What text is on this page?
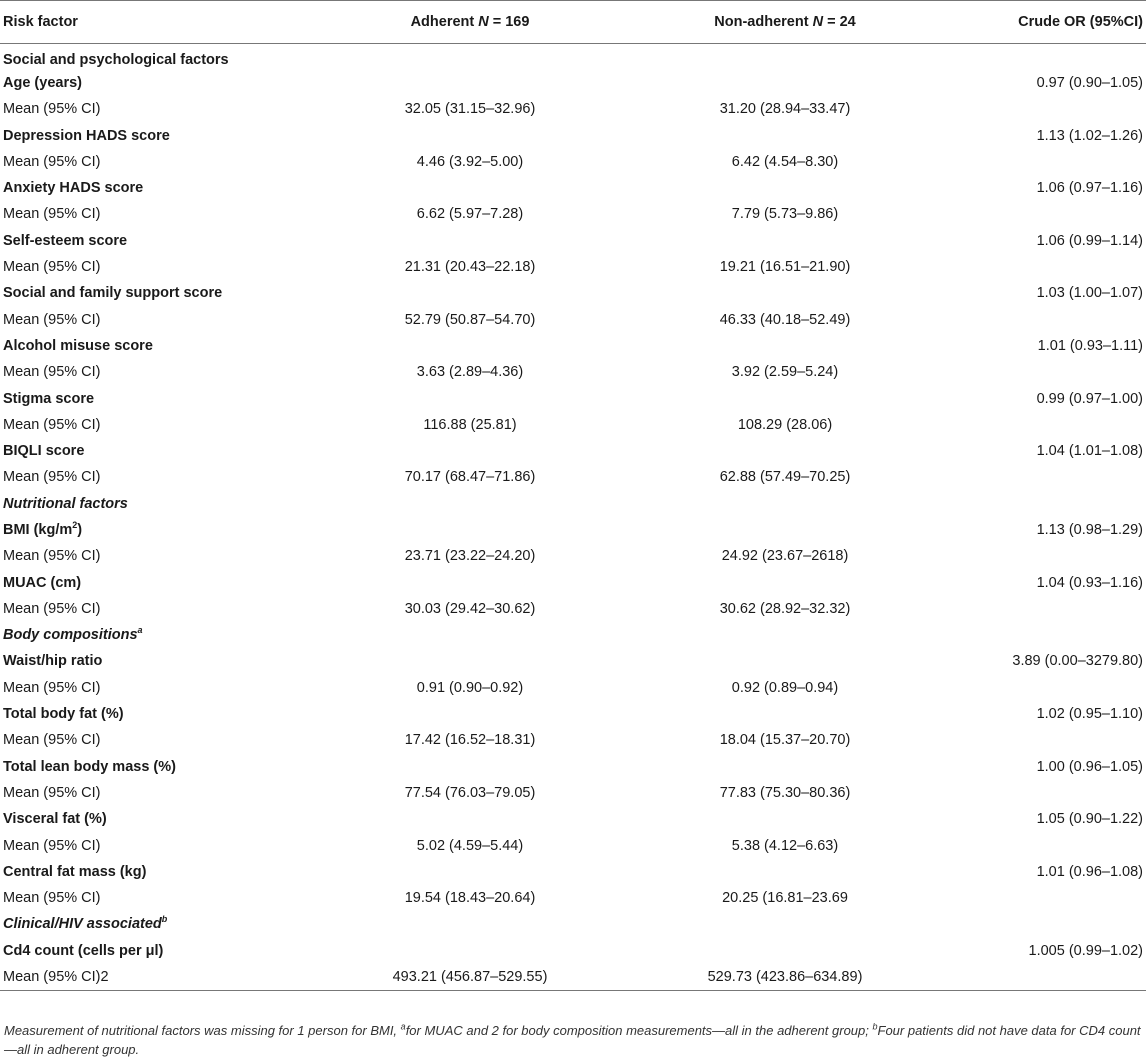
Risk factor	Adherent N = 169	Non-adherent N = 24	Crude OR (95%CI)
Social and psychological factors			
Age (years)			0.97 (0.90–1.05)
Mean (95% CI)	32.05 (31.15–32.96)	31.20 (28.94–33.47)	
Depression HADS score			1.13 (1.02–1.26)
Mean (95% CI)	4.46 (3.92–5.00)	6.42 (4.54–8.30)	
Anxiety HADS score			1.06 (0.97–1.16)
Mean (95% CI)	6.62 (5.97–7.28)	7.79 (5.73–9.86)	
Self-esteem score			1.06 (0.99–1.14)
Mean (95% CI)	21.31 (20.43–22.18)	19.21 (16.51–21.90)	
Social and family support score			1.03 (1.00–1.07)
Mean (95% CI)	52.79 (50.87–54.70)	46.33 (40.18–52.49)	
Alcohol misuse score			1.01 (0.93–1.11)
Mean (95% CI)	3.63 (2.89–4.36)	3.92 (2.59–5.24)	
Stigma score			0.99 (0.97–1.00)
Mean (95% CI)	116.88 (25.81)	108.29 (28.06)	
BIQLI score			1.04 (1.01–1.08)
Mean (95% CI)	70.17 (68.47–71.86)	62.88 (57.49–70.25)	
Nutritional factors			
BMI $(kg/m^2)$			1.13 (0.98–1.29)
Mean (95% CI)	23.71 (23.22–24.20)	24.92 (23.67–2618)	
MUAC (cm)			1.04 (0.93–1.16)
Mean (95% CI)	30.03 (29.42–30.62)	30.62 (28.92–32.32)	
Body compositions$^a$			
Waist/hip ratio			3.89 (0.00–3279.80)
Mean (95% CI)	0.91 (0.90–0.92)	0.92 (0.89–0.94)	
Total body fat (%)			1.02 (0.95–1.10)
Mean (95% CI)	17.42 (16.52–18.31)	18.04 (15.37–20.70)	
Total lean body mass (%)			1.00 (0.96–1.05)
Mean (95% CI)	77.54 (76.03–79.05)	77.83 (75.30–80.36)	
Visceral fat (%)			1.05 (0.90–1.22)
Mean (95% CI)	5.02 (4.59–5.44)	5.38 (4.12–6.63)	
Central fat mass (kg)			1.01 (0.96–1.08)
Mean (95% CI)	19.54 (18.43–20.64)	20.25 (16.81–23.69	
Clinical/HIV associated$^b$			
Cd4 count (cells per μl)			1.005 (0.99–1.02)
Mean (95% CI)2	493.21 (456.87–529.55)	529.73 (423.86–634.89)	
Measurement of nutritional factors was missing for 1 person for BMI, $^a$for MUAC and 2 for body composition measurements—all in the adherent group; $^b$Four patients did not have data for CD4 count—all in adherent group.
